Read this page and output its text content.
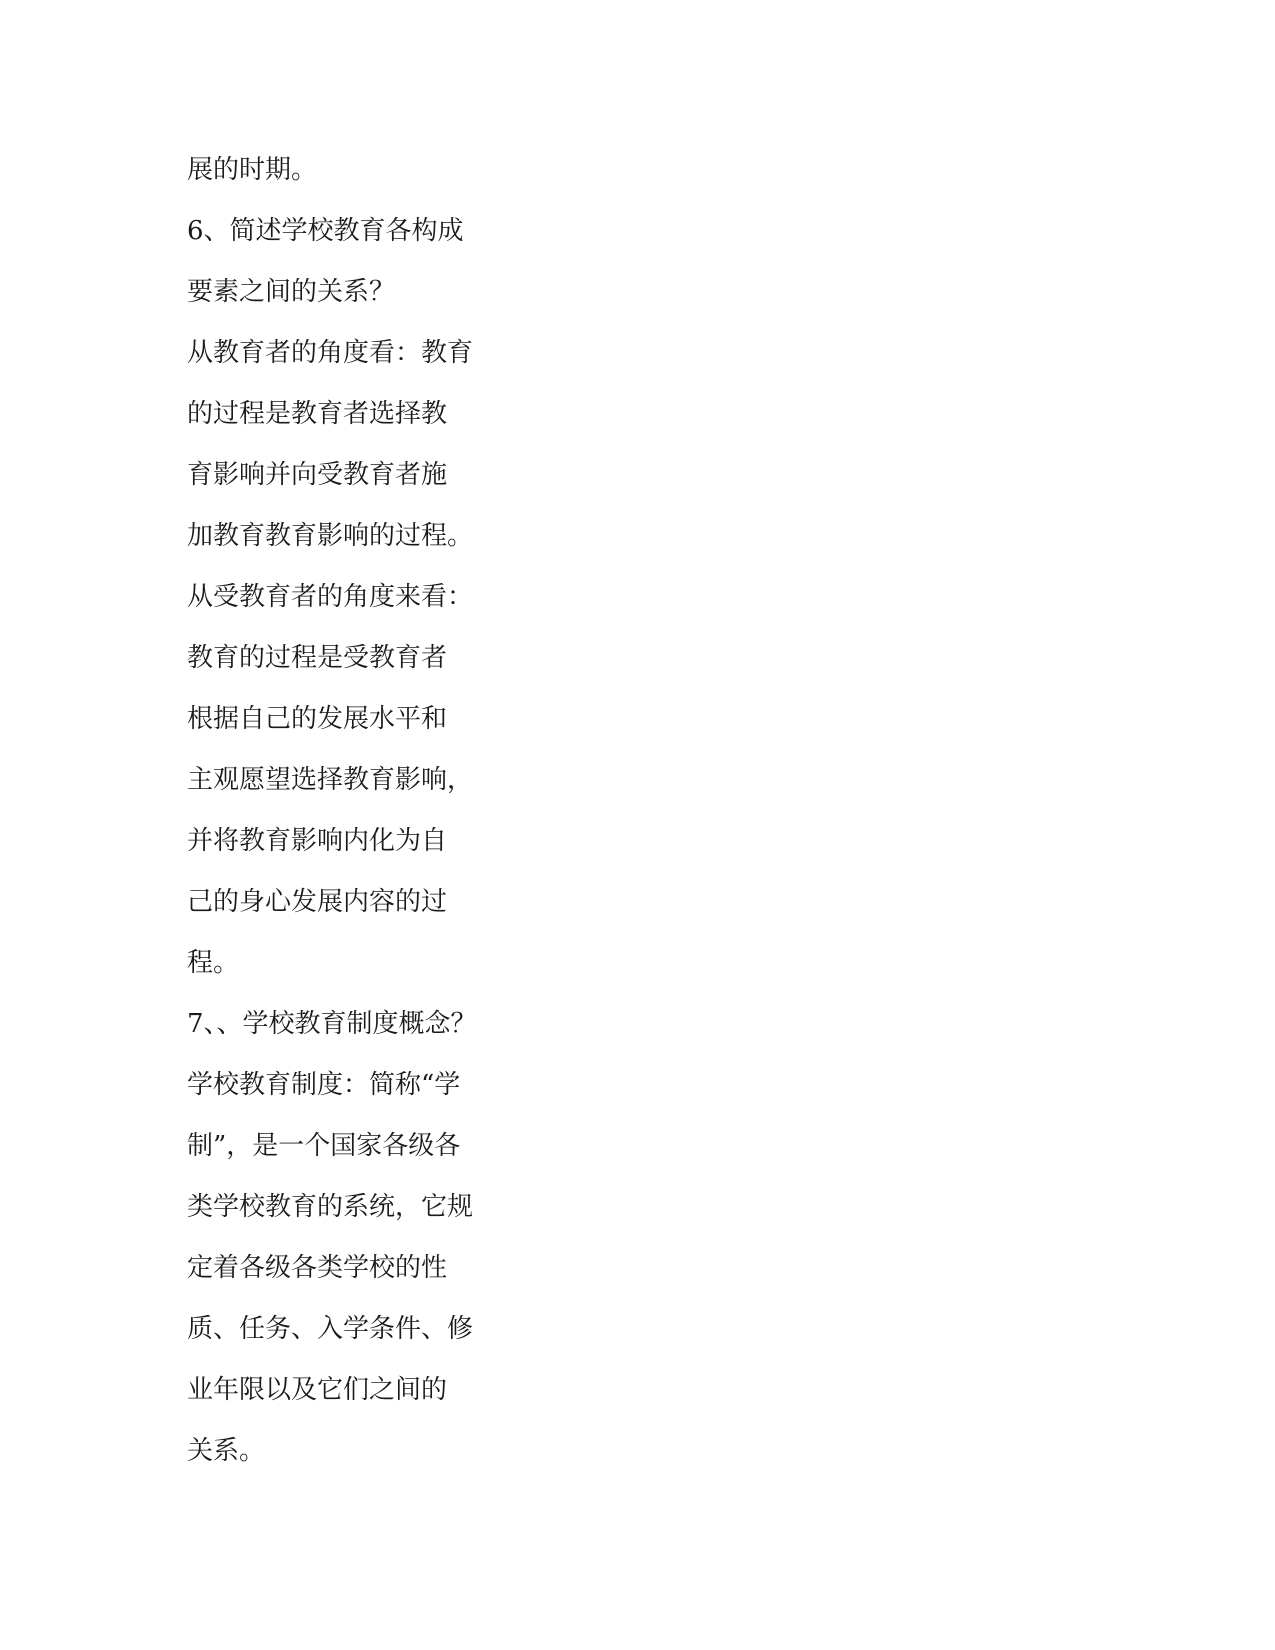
展的时期。
6、简述学校教育各构成
要素之间的关系？
从教育者的角度看：教育
的过程是教育者选择教
育影响并向受教育者施
加教育教育影响的过程。
从受教育者的角度来看：
教育的过程是受教育者
根据自己的发展水平和
主观愿望选择教育影响，
并将教育影响内化为自
己的身心发展内容的过
程。
7、、学校教育制度概念？
学校教育制度：简称“学
制”，是一个国家各级各
类学校教育的系统，它规
定着各级各类学校的性
质、任务、入学条件、修
业年限以及它们之间的
关系。
